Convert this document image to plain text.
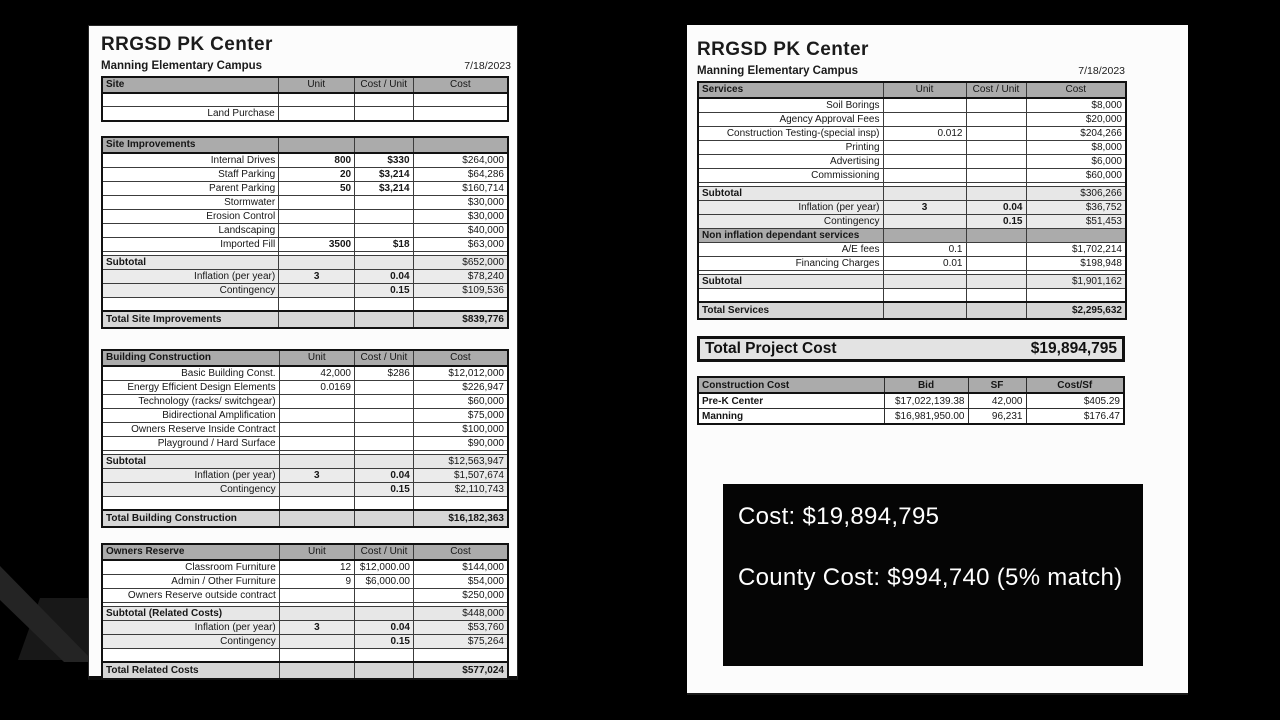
RRGSD PK Center
Manning Elementary Campus	7/18/2023
Site	Unit	Cost / Unit	Cost

Land Purchase			
Site Improvements			
Internal Drives	800	$330	$264,000
Staff Parking	20	$3,214	$64,286
Parent Parking	50	$3,214	$160,714
Stormwater			$30,000
Erosion Control			$30,000
Landscaping			$40,000
Imported Fill	3500	$18	$63,000

Subtotal			$652,000
Inflation (per year)	3	0.04	$78,240
Contingency		0.15	$109,536

Total Site Improvements			$839,776
Building Construction	Unit	Cost / Unit	Cost
Basic Building Const.	42,000	$286	$12,012,000
Energy Efficient Design Elements	0.0169		$226,947
Technology (racks/ switchgear)			$60,000
Bidirectional Amplification			$75,000
Owners Reserve Inside Contract			$100,000
Playground / Hard Surface			$90,000

Subtotal			$12,563,947
Inflation (per year)	3	0.04	$1,507,674
Contingency		0.15	$2,110,743

Total Building Construction			$16,182,363
Owners Reserve	Unit	Cost / Unit	Cost
Classroom Furniture	12	$12,000.00	$144,000
Admin / Other Furniture	9	$6,000.00	$54,000
Owners Reserve outside contract			$250,000

Subtotal (Related Costs)			$448,000
Inflation (per year)	3	0.04	$53,760
Contingency		0.15	$75,264

Total Related Costs			$577,024
RRGSD PK Center
Manning Elementary Campus	7/18/2023
Services	Unit	Cost / Unit	Cost
Soil Borings			$8,000
Agency Approval Fees			$20,000
Construction Testing-(special insp)	0.012		$204,266
Printing			$8,000
Advertising			$6,000
Commissioning			$60,000

Subtotal			$306,266
Inflation (per year)	3	0.04	$36,752
Contingency		0.15	$51,453
Non inflation dependant services			
A/E fees	0.1		$1,702,214
Financing Charges	0.01		$198,948

Subtotal			$1,901,162

Total Services			$2,295,632
Total Project Cost	$19,894,795
Construction Cost	Bid	SF	Cost/Sf
Pre-K Center	$17,022,139.38	42,000	$405.29
Manning	$16,981,950.00	96,231	$176.47
Cost: $19,894,795
County Cost: $994,740 (5% match)
